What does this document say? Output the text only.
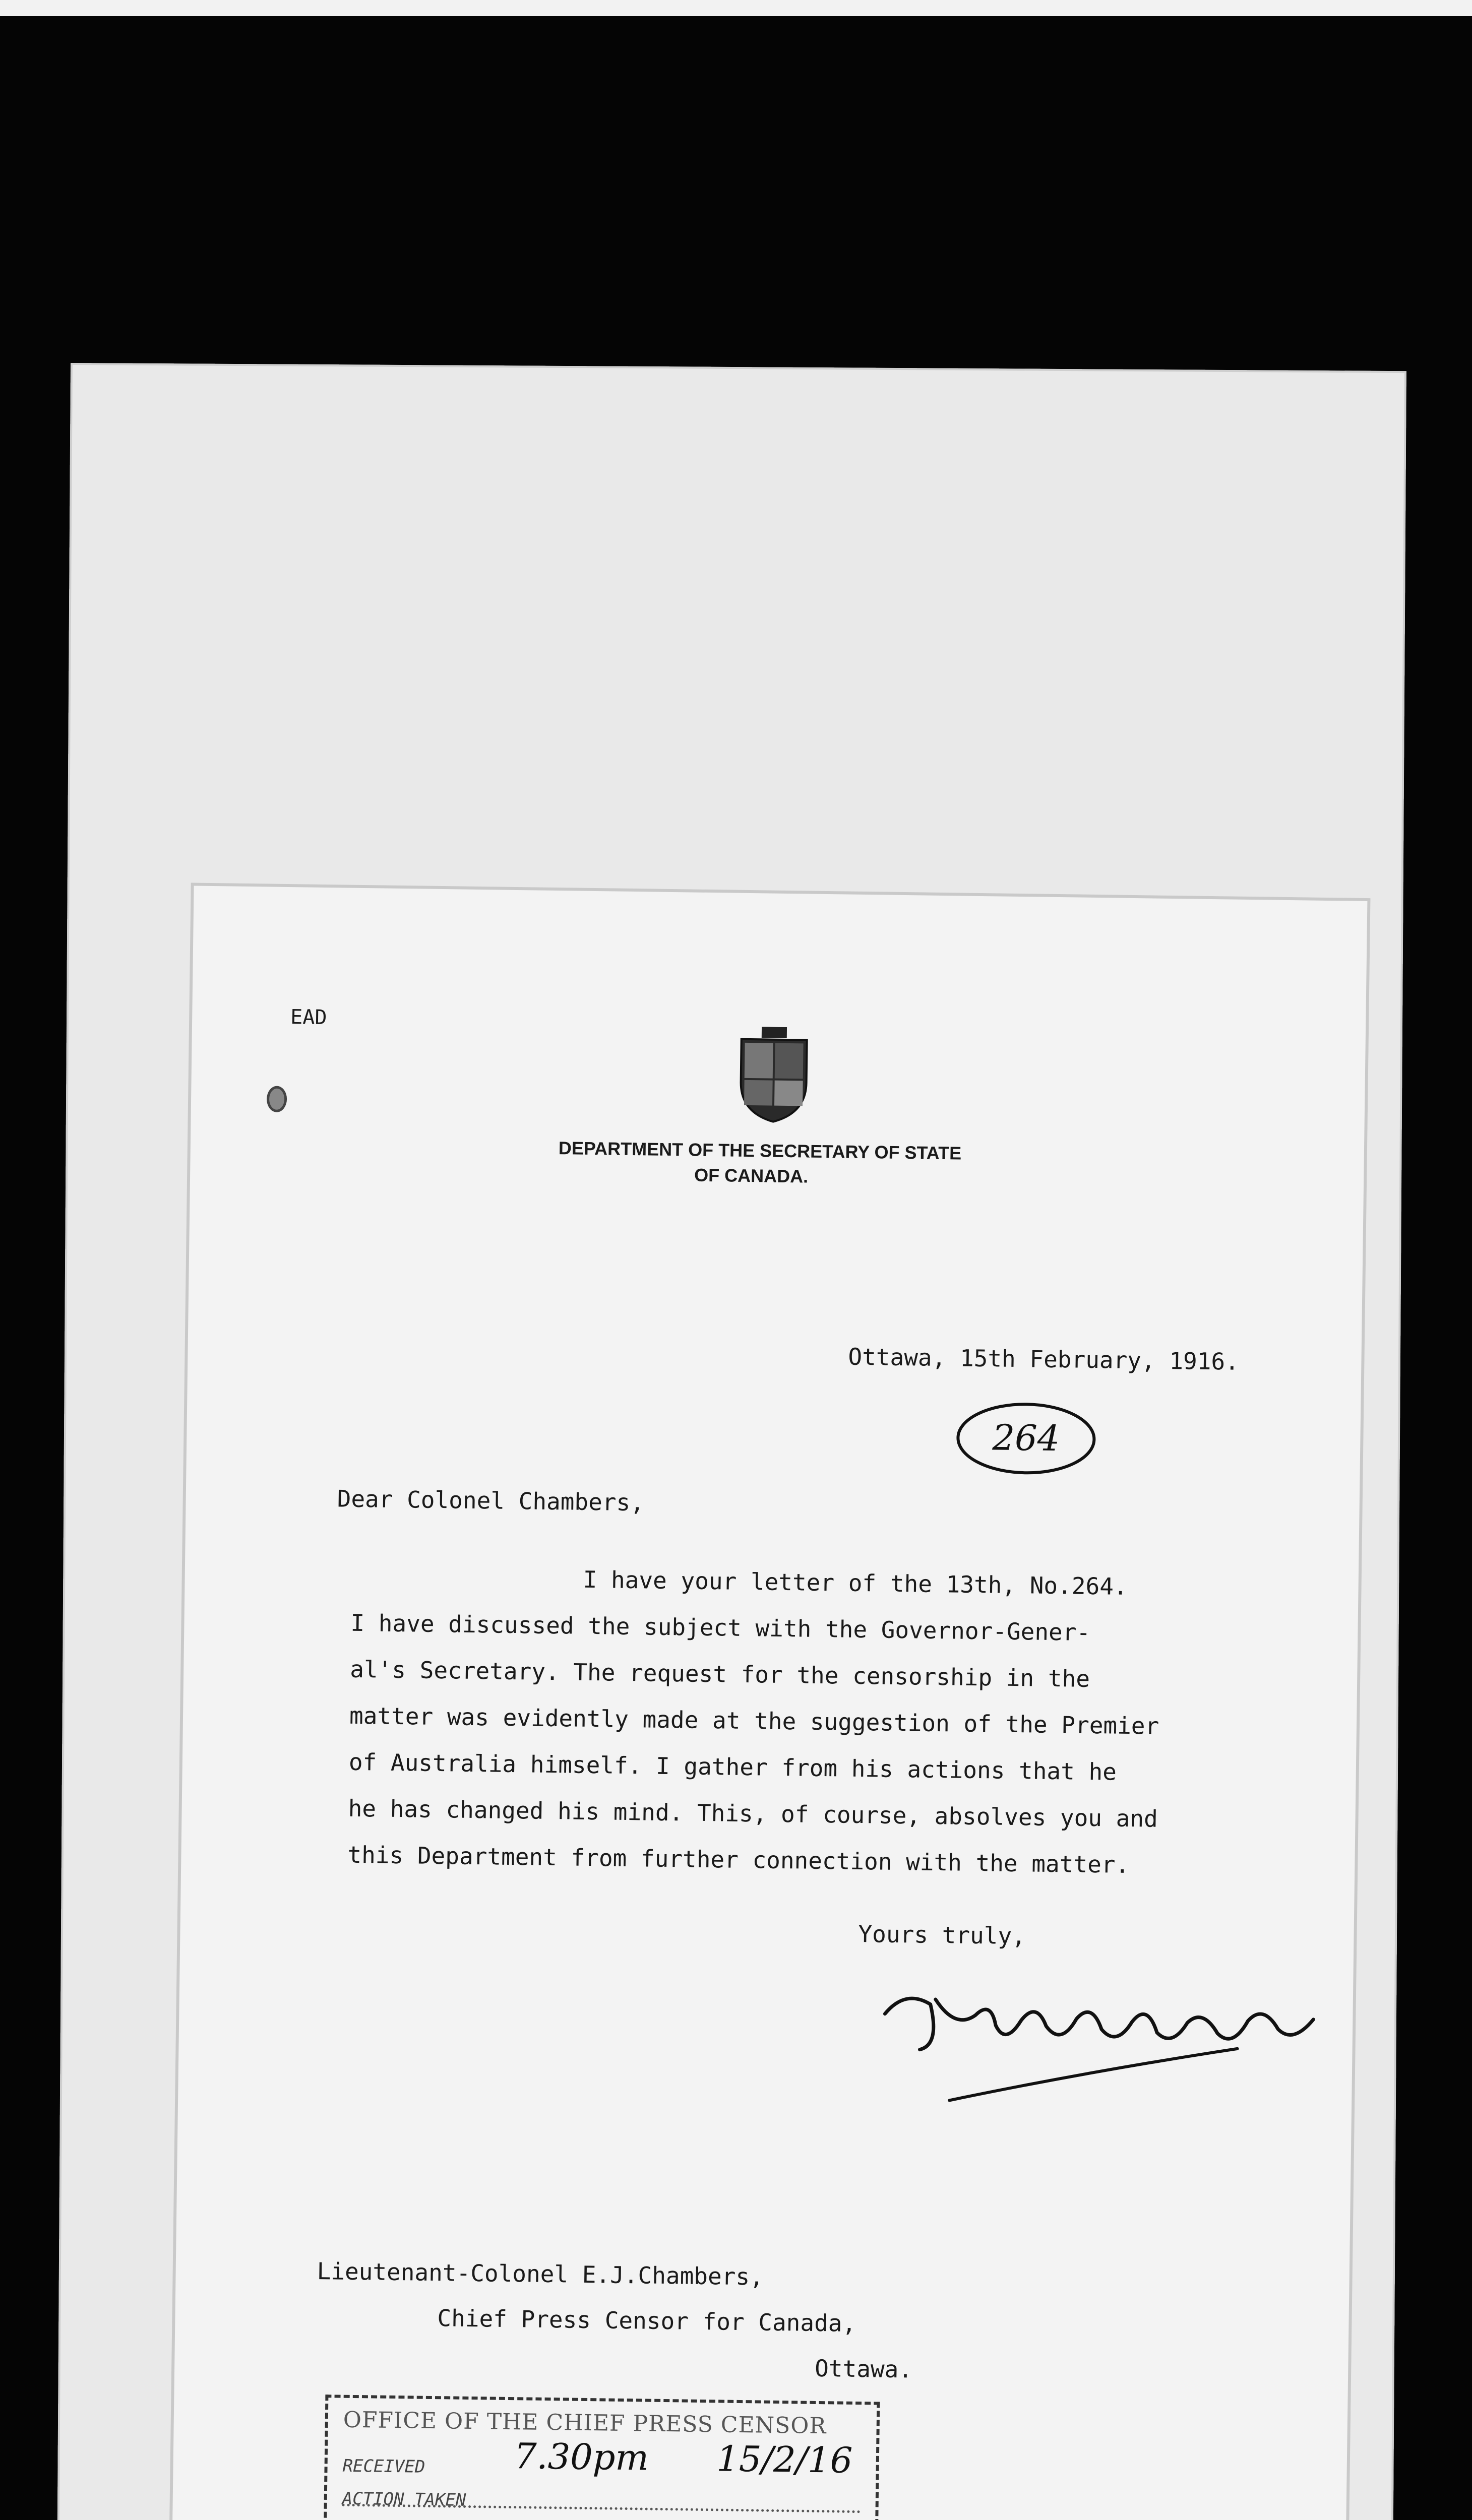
EAD
DEPARTMENT OF THE SECRETARY OF STATE
OF CANADA.
Ottawa, 15th February, 1916.
264
Dear Colonel Chambers,
I have your letter of the 13th, No.264.
I have discussed the subject with the Governor-Gener-
al's Secretary. The request for the censorship in the
matter was evidently made at the suggestion of the Premier
of Australia himself. I gather from his actions that he
he has changed his mind. This, of course, absolves you and
this Department from further connection with the matter.
Yours truly,
Lieutenant-Colonel E.J.Chambers,
Chief Press Censor for Canada,
Ottawa.
OFFICE OF THE CHIEF PRESS CENSOR
RECEIVED
ACTION TAKEN
7.30pm 15/2/16
